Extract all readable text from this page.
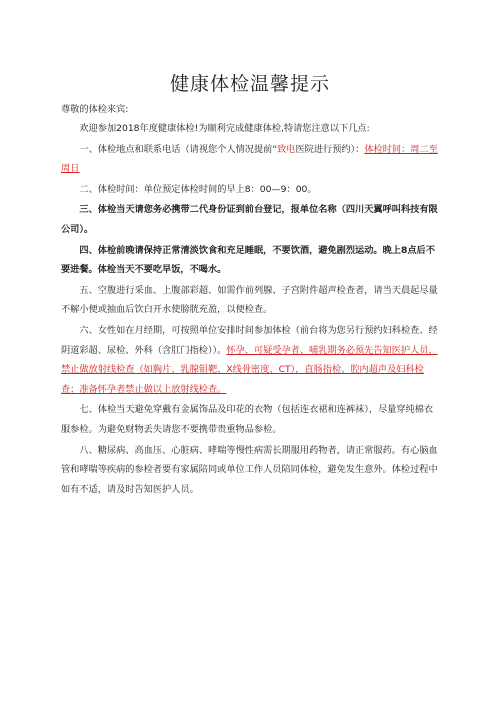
健康体检温馨提示
尊敬的体检来宾:

欢迎参加2018年度健康体检!为顺利完成健康体检,特请您注意以下几点:

一、体检地点和联系电话（请视您个人情况提前“致电医院进行预约）：体检时间：周二至周日

二、体检时间：单位预定体检时间的早上8：00—9：00。

三、体检当天请您务必携带二代身份证到前台登记，报单位名称（四川天翼呼叫科技有限公司）。

四、体检前晚请保持正常清淡饮食和充足睡眠，不要饮酒，避免剧烈运动。晚上8点后不要进餐。体检当天不要吃早饭，不喝水。

五、空腹进行采血、上腹部彩超、如需作前列腺、子宫附件超声检查者，请当天晨起尽量不解小便或抽血后饮白开水使膀胱充盈，以便检查。

六、女性如在月经期，可按照单位安排时间参加体检（前台将为您另行预约妇科检查、经阴道彩超、尿检、外科（含肛门指检））。怀孕、可疑受孕者、哺乳期务必预先告知医护人员，禁止做放射线检查（如胸片、乳腺钼靶、X线骨密度、CT），直肠指检、腔内超声及妇科检查；准备怀孕者禁止做以上放射线检查。

七、体检当天避免穿戴有金属饰品及印花的衣物（包括连衣裙和连裤袜），尽量穿纯棉衣服参检。为避免财物丢失请您不要携带贵重物品参检。

八、糖尿病、高血压、心脏病、哮喘等慢性病需长期服用药物者，请正常服药。有心脑血管和哮喘等疾病的参检者要有家属陪同或单位工作人员陪同体检，避免发生意外。体检过程中如有不适，请及时告知医护人员。
